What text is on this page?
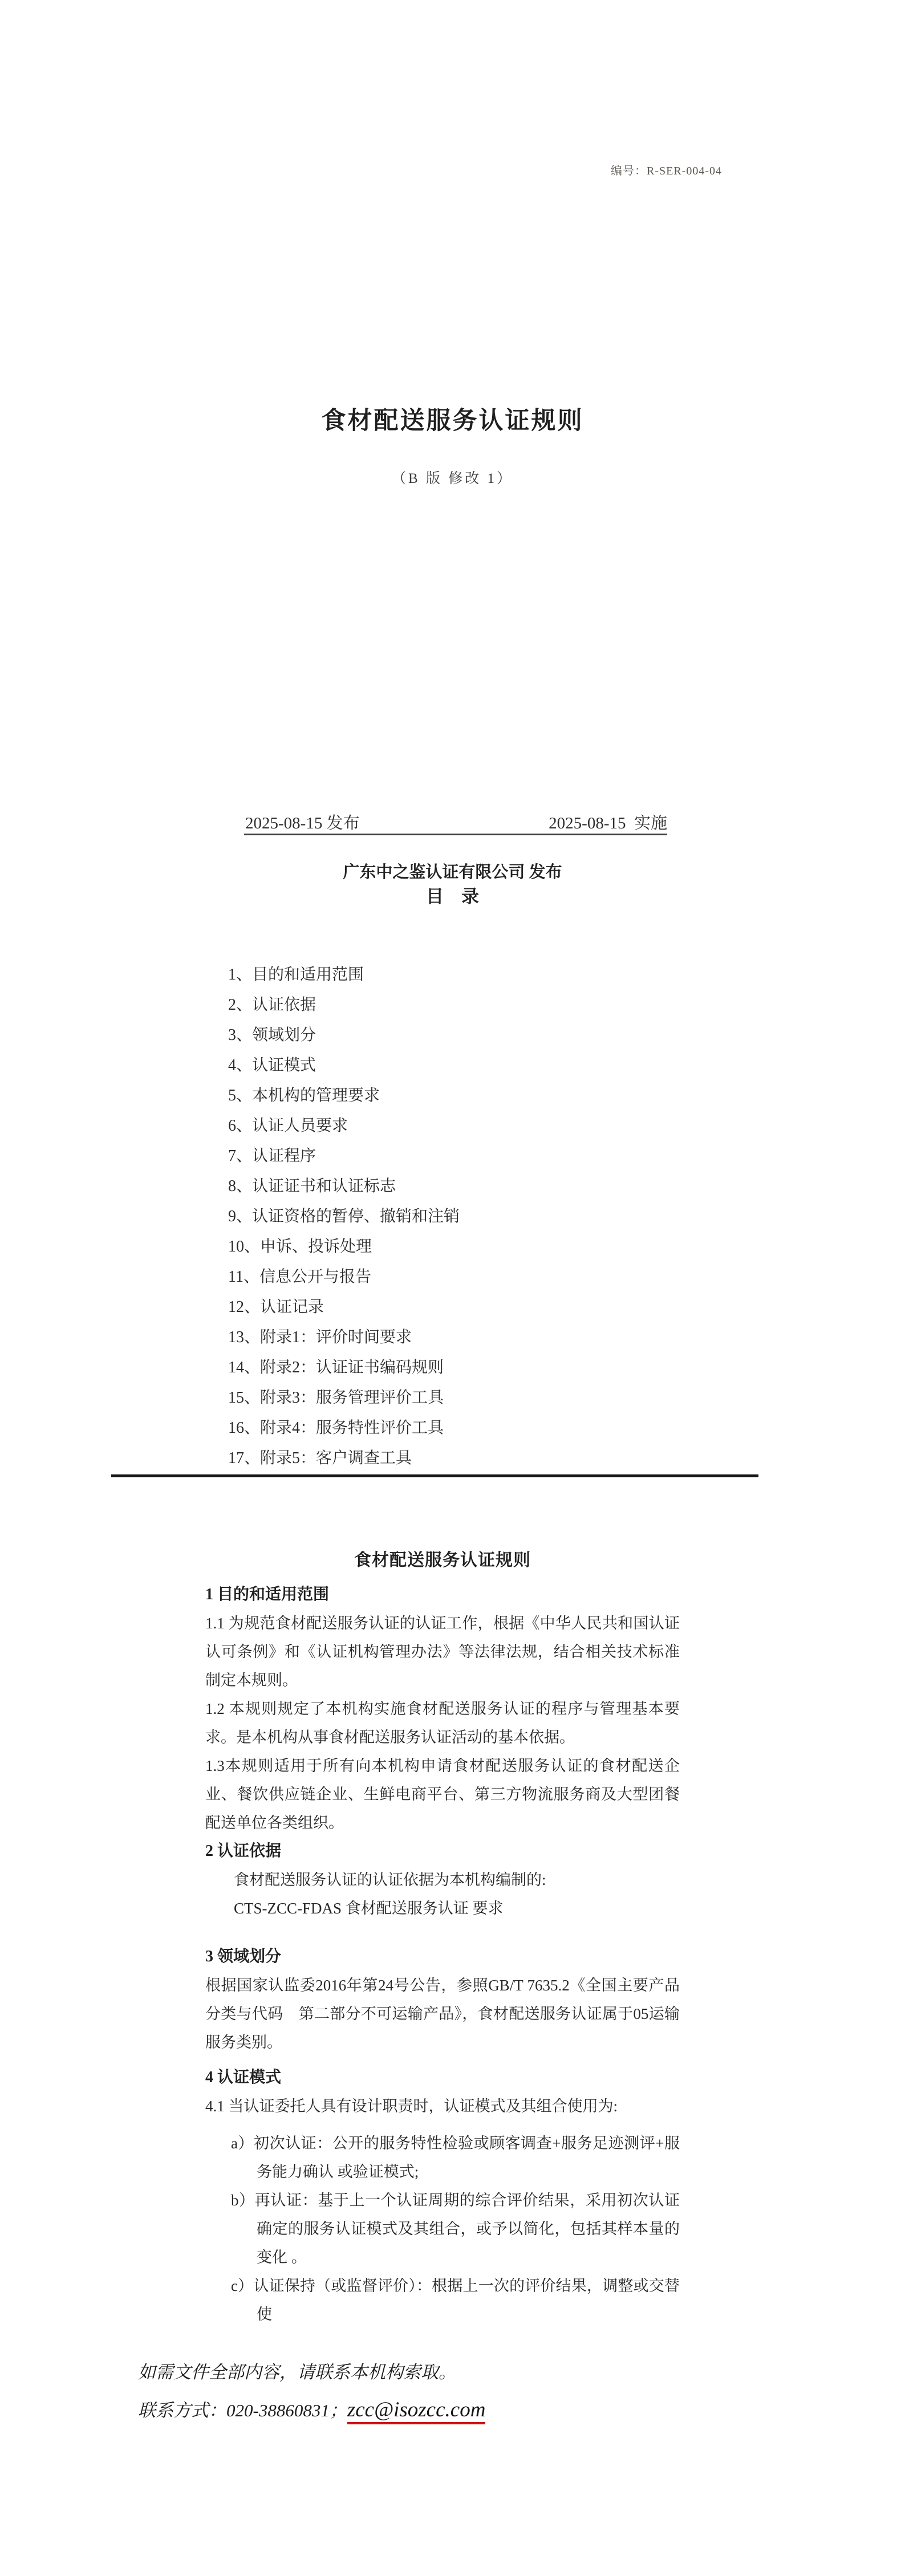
编号：R-SER-004-04
食材配送服务认证规则
（B 版 修改 1）
2025-08-15 发布	2025-08-15  实施
广东中之鉴认证有限公司 发布
目　录
1、目的和适用范围
2、认证依据
3、领域划分
4、认证模式
5、本机构的管理要求
6、认证人员要求
7、认证程序
8、认证证书和认证标志
9、认证资格的暂停、撤销和注销
10、申诉、投诉处理
11、信息公开与报告
12、认证记录
13、附录1：评价时间要求
14、附录2：认证证书编码规则
15、附录3：服务管理评价工具
16、附录4：服务特性评价工具
17、附录5：客户调查工具
食材配送服务认证规则
1 目的和适用范围

1.1 为规范食材配送服务认证的认证工作，根据《中华人民共和国认证认可条例》和《认证机构管理办法》等法律法规，结合相关技术标准制定本规则。

1.2 本规则规定了本机构实施食材配送服务认证的程序与管理基本要求。是本机构从事食材配送服务认证活动的基本依据。

1.3本规则适用于所有向本机构申请食材配送服务认证的食材配送企业、餐饮供应链企业、生鲜电商平台、第三方物流服务商及大型团餐配送单位各类组织。

2 认证依据

食材配送服务认证的认证依据为本机构编制的:

CTS-ZCC-FDAS 食材配送服务认证 要求

3 领域划分

根据国家认监委2016年第24号公告，参照GB/T 7635.2《全国主要产品分类与代码　第二部分不可运输产品》，食材配送服务认证属于05运输服务类别。

4 认证模式

4.1 当认证委托人具有设计职责时，认证模式及其组合使用为:

a）初次认证：公开的服务特性检验或顾客调查+服务足迹测评+服务能力确认 或验证模式;

b）再认证：基于上一个认证周期的综合评价结果，采用初次认证确定的服务认证模式及其组合，或予以简化，包括其样本量的变化 。

c）认证保持（或监督评价）：根据上一次的评价结果，调整或交替使

如需文件全部内容，请联系本机构索取。
联系方式：020-38860831；zcc@isozcc.com
